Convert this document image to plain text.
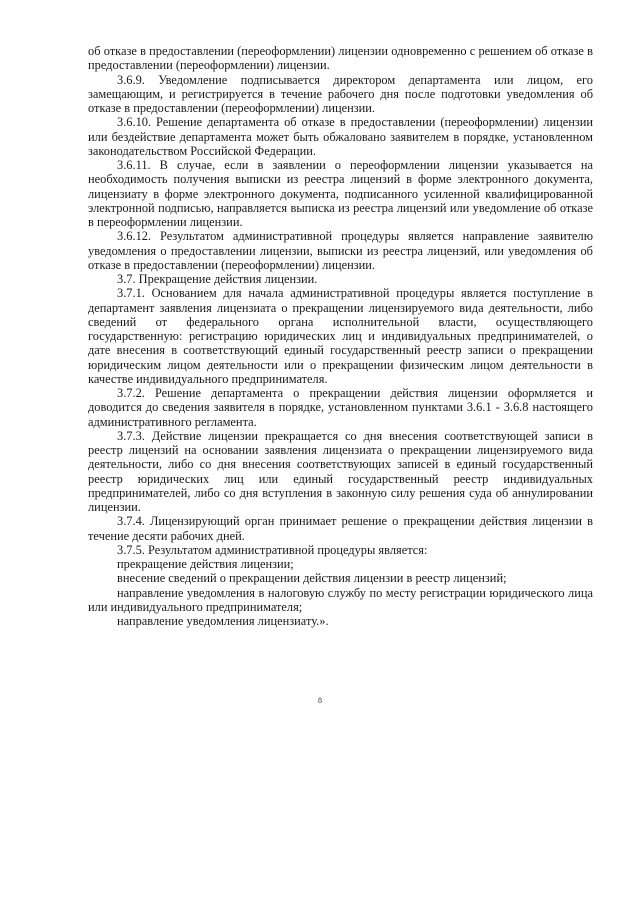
об отказе в предоставлении (переоформлении) лицензии одновременно с решением об отказе в предоставлении (переоформлении) лицензии.

3.6.9. Уведомление подписывается директором департамента или лицом, его замещающим, и регистрируется в течение рабочего дня после подготовки уведомления об отказе в предоставлении (переоформлении) лицензии.

3.6.10. Решение департамента об отказе в предоставлении (переоформлении) лицензии или бездействие департамента может быть обжаловано заявителем в порядке, установленном законодательством Российской Федерации.

3.6.11. В случае, если в заявлении о переоформлении лицензии указывается на необходимость получения выписки из реестра лицензий в форме электронного документа, лицензиату в форме электронного документа, подписанного усиленной квалифицированной электронной подписью, направляется выписка из реестра лицензий или уведомление об отказе в переоформлении лицензии.

3.6.12. Результатом административной процедуры является направление заявителю уведомления о предоставлении лицензии, выписки из реестра лицензий, или уведомления об отказе в предоставлении (переоформлении) лицензии.

3.7. Прекращение действия лицензии.

3.7.1. Основанием для начала административной процедуры является поступление в департамент заявления лицензиата о прекращении лицензируемого вида деятельности, либо сведений от федерального органа исполнительной власти, осуществляющего государственную: регистрацию юридических лиц и индивидуальных предпринимателей, о дате внесения в соответствующий единый государственный реестр записи о прекращении юридическим лицом деятельности или о прекращении физическим лицом деятельности в качестве индивидуального предпринимателя.

3.7.2. Решение департамента о прекращении действия лицензии оформляется и доводится до сведения заявителя в порядке, установленном пунктами 3.6.1 - 3.6.8 настоящего административного регламента.

3.7.3. Действие лицензии прекращается со дня внесения соответствующей записи в реестр лицензий на основании заявления лицензиата о прекращении лицензируемого вида деятельности, либо со дня внесения соответствующих записей в единый государственный реестр юридических лиц или единый государственный реестр индивидуальных предпринимателей, либо со дня вступления в законную силу решения суда об аннулировании лицензии.

3.7.4. Лицензирующий орган принимает решение о прекращении действия лицензии в течение десяти рабочих дней.

3.7.5. Результатом административной процедуры является:

прекращение действия лицензии;

внесение сведений о прекращении действия лицензии в реестр лицензий;

направление уведомления в налоговую службу по месту регистрации юридического лица или индивидуального предпринимателя;

направление уведомления лицензиату.».

8
